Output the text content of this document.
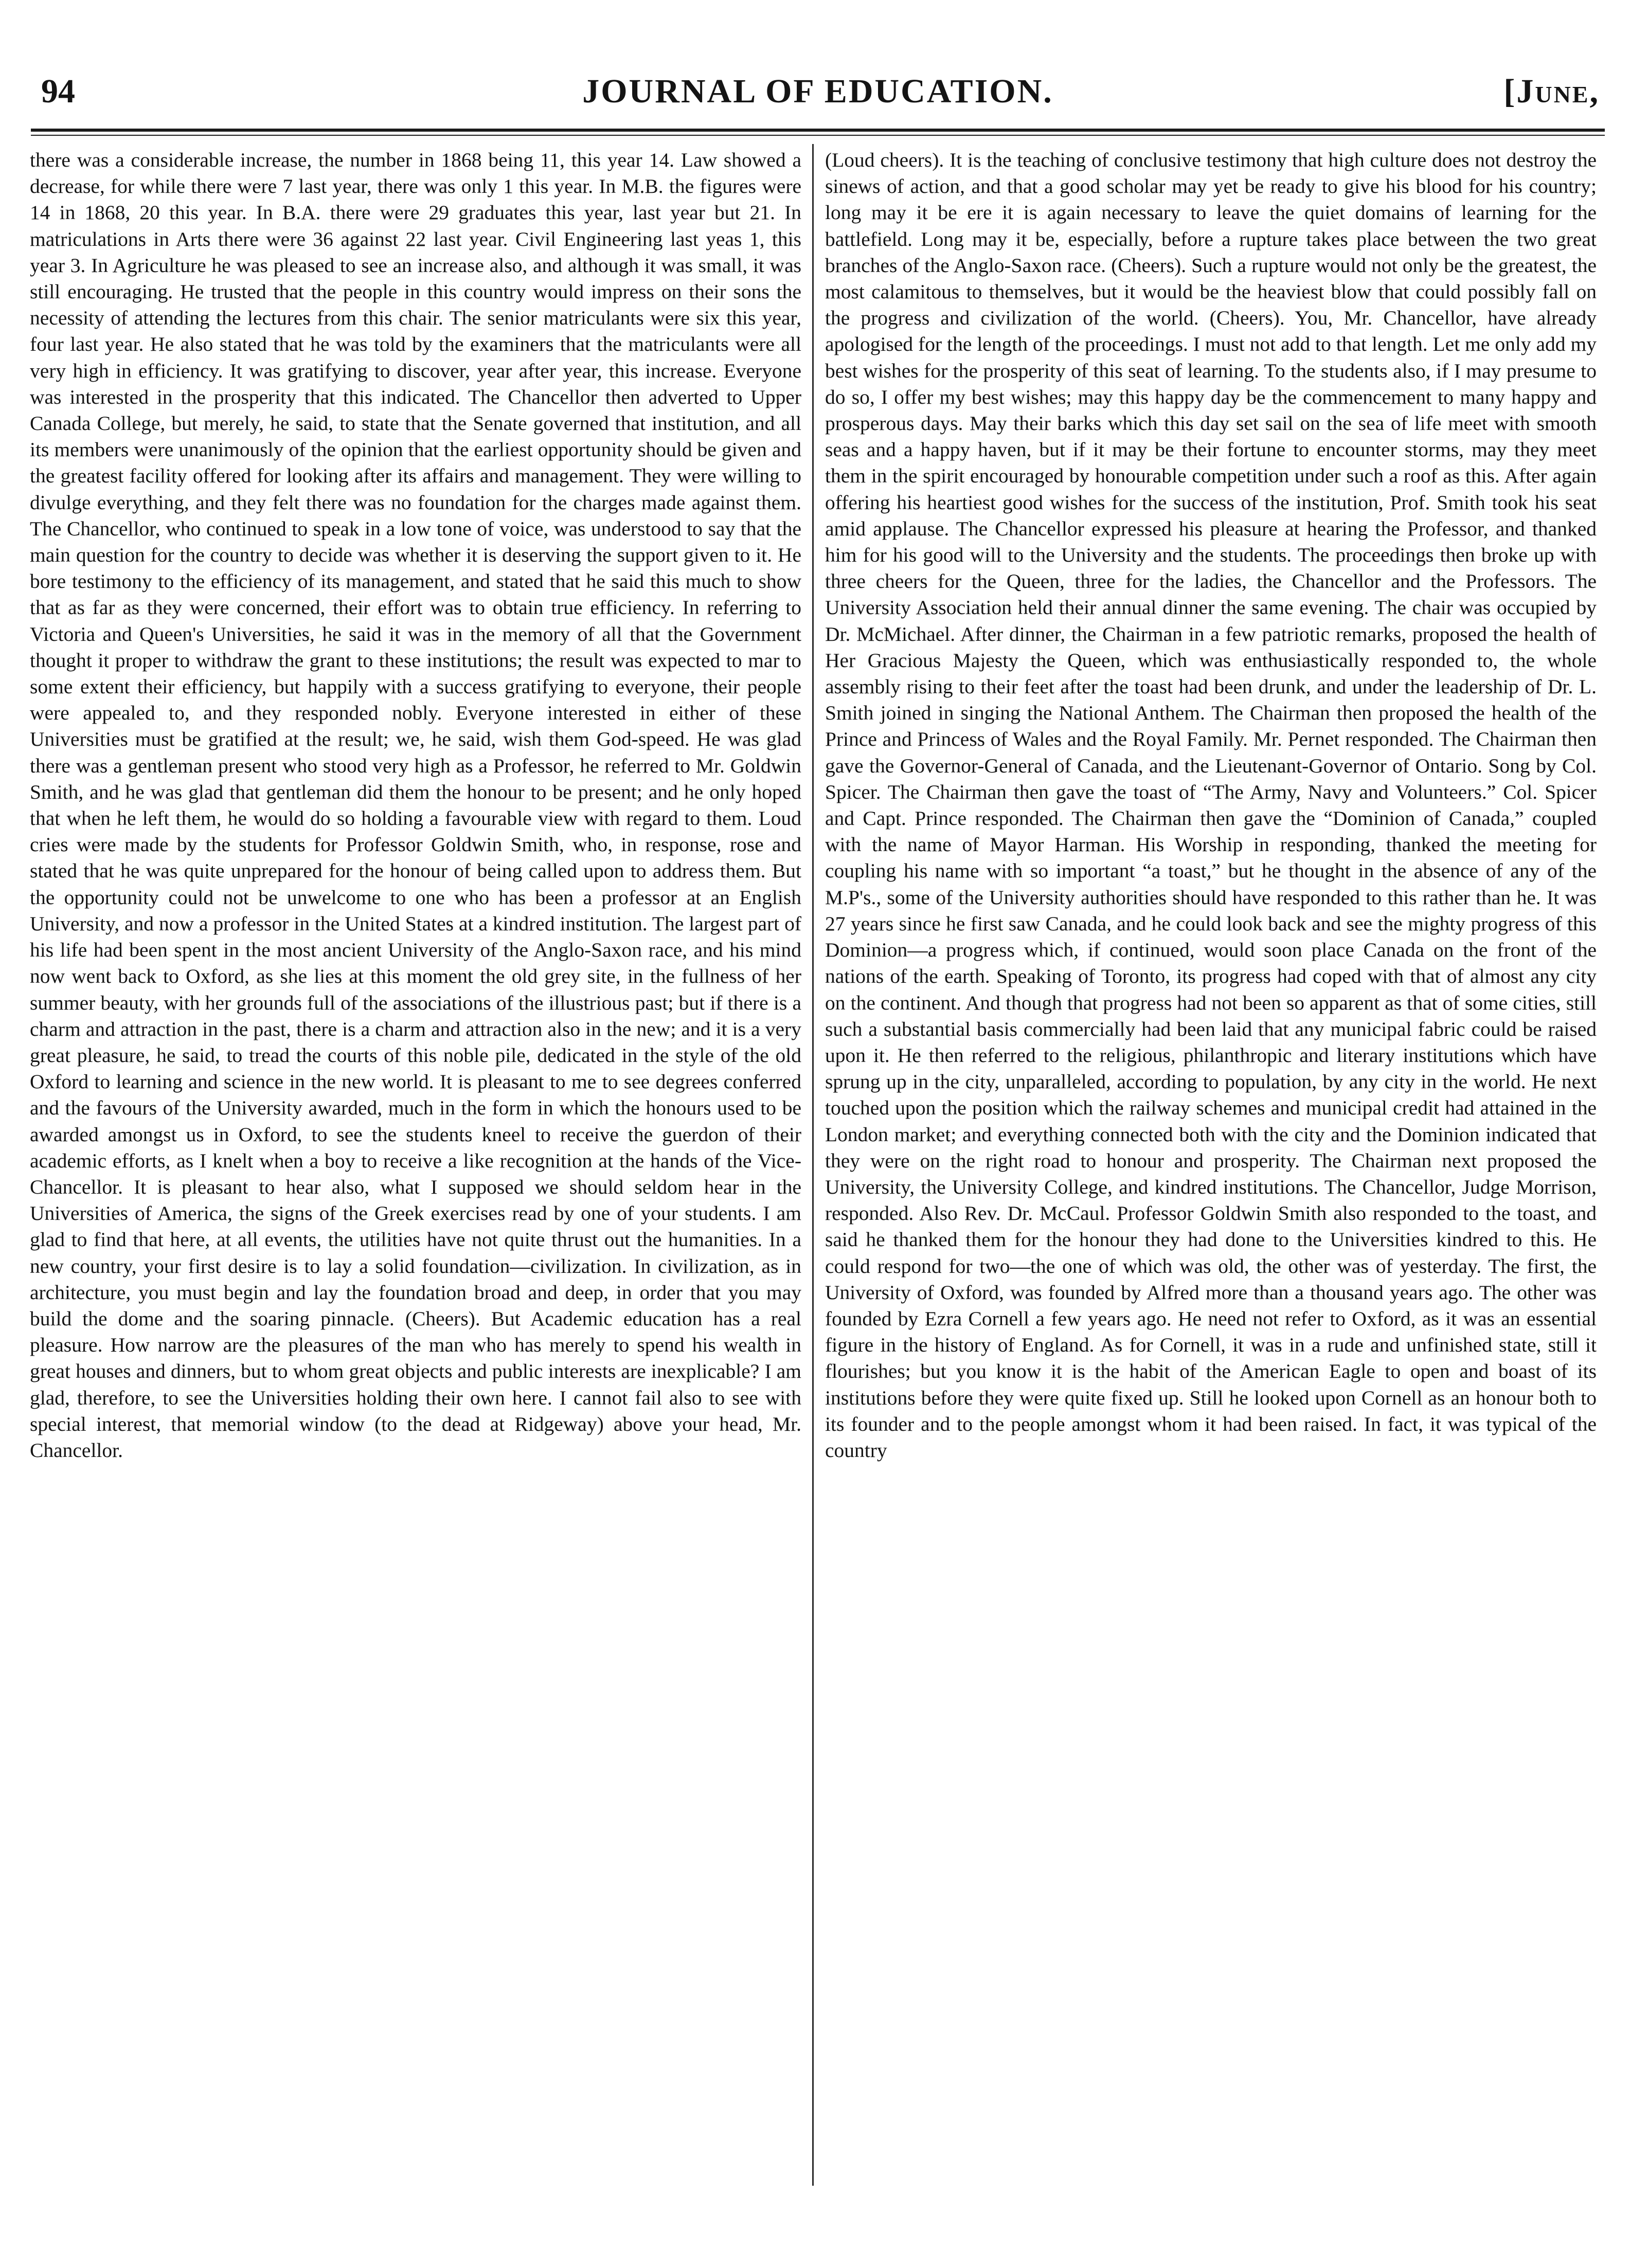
94	JOURNAL OF EDUCATION.	[June,

there was a considerable increase, the number in 1868 being 11, this year 14. Law showed a decrease, for while there were 7 last year, there was only 1 this year. In M.B. the figures were 14 in 1868, 20 this year. In B.A. there were 29 graduates this year, last year but 21. In matriculations in Arts there were 36 against 22 last year. Civil Engineering last yeas 1, this year 3. In Agriculture he was pleased to see an increase also, and although it was small, it was still encouraging. He trusted that the people in this country would impress on their sons the necessity of attending the lectures from this chair. The senior matriculants were six this year, four last year. He also stated that he was told by the examiners that the matriculants were all very high in efficiency. It was gratifying to discover, year after year, this increase. Everyone was interested in the prosperity that this indicated. The Chancellor then adverted to Upper Canada College, but merely, he said, to state that the Senate governed that institution, and all its members were unanimously of the opinion that the earliest opportunity should be given and the greatest facility offered for looking after its affairs and management. They were willing to divulge everything, and they felt there was no foundation for the charges made against them. The Chancellor, who continued to speak in a low tone of voice, was understood to say that the main question for the country to decide was whether it is deserving the support given to it. He bore testimony to the efficiency of its management, and stated that he said this much to show that as far as they were concerned, their effort was to obtain true efficiency. In referring to Victoria and Queen's Universities, he said it was in the memory of all that the Government thought it proper to withdraw the grant to these institutions; the result was expected to mar to some extent their efficiency, but happily with a success gratifying to everyone, their people were appealed to, and they responded nobly. Everyone interested in either of these Universities must be gratified at the result; we, he said, wish them God-speed. He was glad there was a gentleman present who stood very high as a Professor, he referred to Mr. Goldwin Smith, and he was glad that gentleman did them the honour to be present; and he only hoped that when he left them, he would do so holding a favourable view with regard to them. Loud cries were made by the students for Professor Goldwin Smith, who, in response, rose and stated that he was quite unprepared for the honour of being called upon to address them. But the opportunity could not be unwelcome to one who has been a professor at an English University, and now a professor in the United States at a kindred institution. The largest part of his life had been spent in the most ancient University of the Anglo-Saxon race, and his mind now went back to Oxford, as she lies at this moment the old grey site, in the fullness of her summer beauty, with her grounds full of the associations of the illustrious past; but if there is a charm and attraction in the past, there is a charm and attraction also in the new; and it is a very great pleasure, he said, to tread the courts of this noble pile, dedicated in the style of the old Oxford to learning and science in the new world. It is pleasant to me to see degrees conferred and the favours of the University awarded, much in the form in which the honours used to be awarded amongst us in Oxford, to see the students kneel to receive the guerdon of their academic efforts, as I knelt when a boy to receive a like recognition at the hands of the Vice-Chancellor. It is pleasant to hear also, what I supposed we should seldom hear in the Universities of America, the signs of the Greek exercises read by one of your students. I am glad to find that here, at all events, the utilities have not quite thrust out the humanities. In a new country, your first desire is to lay a solid foundation—civilization. In civilization, as in architecture, you must begin and lay the foundation broad and deep, in order that you may build the dome and the soaring pinnacle. (Cheers). But Academic education has a real pleasure. How narrow are the pleasures of the man who has merely to spend his wealth in great houses and dinners, but to whom great objects and public interests are inexplicable? I am glad, therefore, to see the Universities holding their own here. I cannot fail also to see with special interest, that memorial window (to the dead at Ridgeway) above your head, Mr. Chancellor.

(Loud cheers). It is the teaching of conclusive testimony that high culture does not destroy the sinews of action, and that a good scholar may yet be ready to give his blood for his country; long may it be ere it is again necessary to leave the quiet domains of learning for the battlefield. Long may it be, especially, before a rupture takes place between the two great branches of the Anglo-Saxon race. (Cheers). Such a rupture would not only be the greatest, the most calamitous to themselves, but it would be the heaviest blow that could possibly fall on the progress and civilization of the world. (Cheers). You, Mr. Chancellor, have already apologised for the length of the proceedings. I must not add to that length. Let me only add my best wishes for the prosperity of this seat of learning. To the students also, if I may presume to do so, I offer my best wishes; may this happy day be the commencement to many happy and prosperous days. May their barks which this day set sail on the sea of life meet with smooth seas and a happy haven, but if it may be their fortune to encounter storms, may they meet them in the spirit encouraged by honourable competition under such a roof as this. After again offering his heartiest good wishes for the success of the institution, Prof. Smith took his seat amid applause. The Chancellor expressed his pleasure at hearing the Professor, and thanked him for his good will to the University and the students. The proceedings then broke up with three cheers for the Queen, three for the ladies, the Chancellor and the Professors. The University Association held their annual dinner the same evening. The chair was occupied by Dr. McMichael. After dinner, the Chairman in a few patriotic remarks, proposed the health of Her Gracious Majesty the Queen, which was enthusiastically responded to, the whole assembly rising to their feet after the toast had been drunk, and under the leadership of Dr. L. Smith joined in singing the National Anthem. The Chairman then proposed the health of the Prince and Princess of Wales and the Royal Family. Mr. Pernet responded. The Chairman then gave the Governor-General of Canada, and the Lieutenant-Governor of Ontario. Song by Col. Spicer. The Chairman then gave the toast of “The Army, Navy and Volunteers.” Col. Spicer and Capt. Prince responded. The Chairman then gave the “Dominion of Canada,” coupled with the name of Mayor Harman. His Worship in responding, thanked the meeting for coupling his name with so important “a toast,” but he thought in the absence of any of the M.P's., some of the University authorities should have responded to this rather than he. It was 27 years since he first saw Canada, and he could look back and see the mighty progress of this Dominion—a progress which, if continued, would soon place Canada on the front of the nations of the earth. Speaking of Toronto, its progress had coped with that of almost any city on the continent. And though that progress had not been so apparent as that of some cities, still such a substantial basis commercially had been laid that any municipal fabric could be raised upon it. He then referred to the religious, philanthropic and literary institutions which have sprung up in the city, unparalleled, according to population, by any city in the world. He next touched upon the position which the railway schemes and municipal credit had attained in the London market; and everything connected both with the city and the Dominion indicated that they were on the right road to honour and prosperity. The Chairman next proposed the University, the University College, and kindred institutions. The Chancellor, Judge Morrison, responded. Also Rev. Dr. McCaul. Professor Goldwin Smith also responded to the toast, and said he thanked them for the honour they had done to the Universities kindred to this. He could respond for two—the one of which was old, the other was of yesterday. The first, the University of Oxford, was founded by Alfred more than a thousand years ago. The other was founded by Ezra Cornell a few years ago. He need not refer to Oxford, as it was an essential figure in the history of England. As for Cornell, it was in a rude and unfinished state, still it flourishes; but you know it is the habit of the American Eagle to open and boast of its institutions before they were quite fixed up. Still he looked upon Cornell as an honour both to its founder and to the people amongst whom it had been raised. In fact, it was typical of the country
